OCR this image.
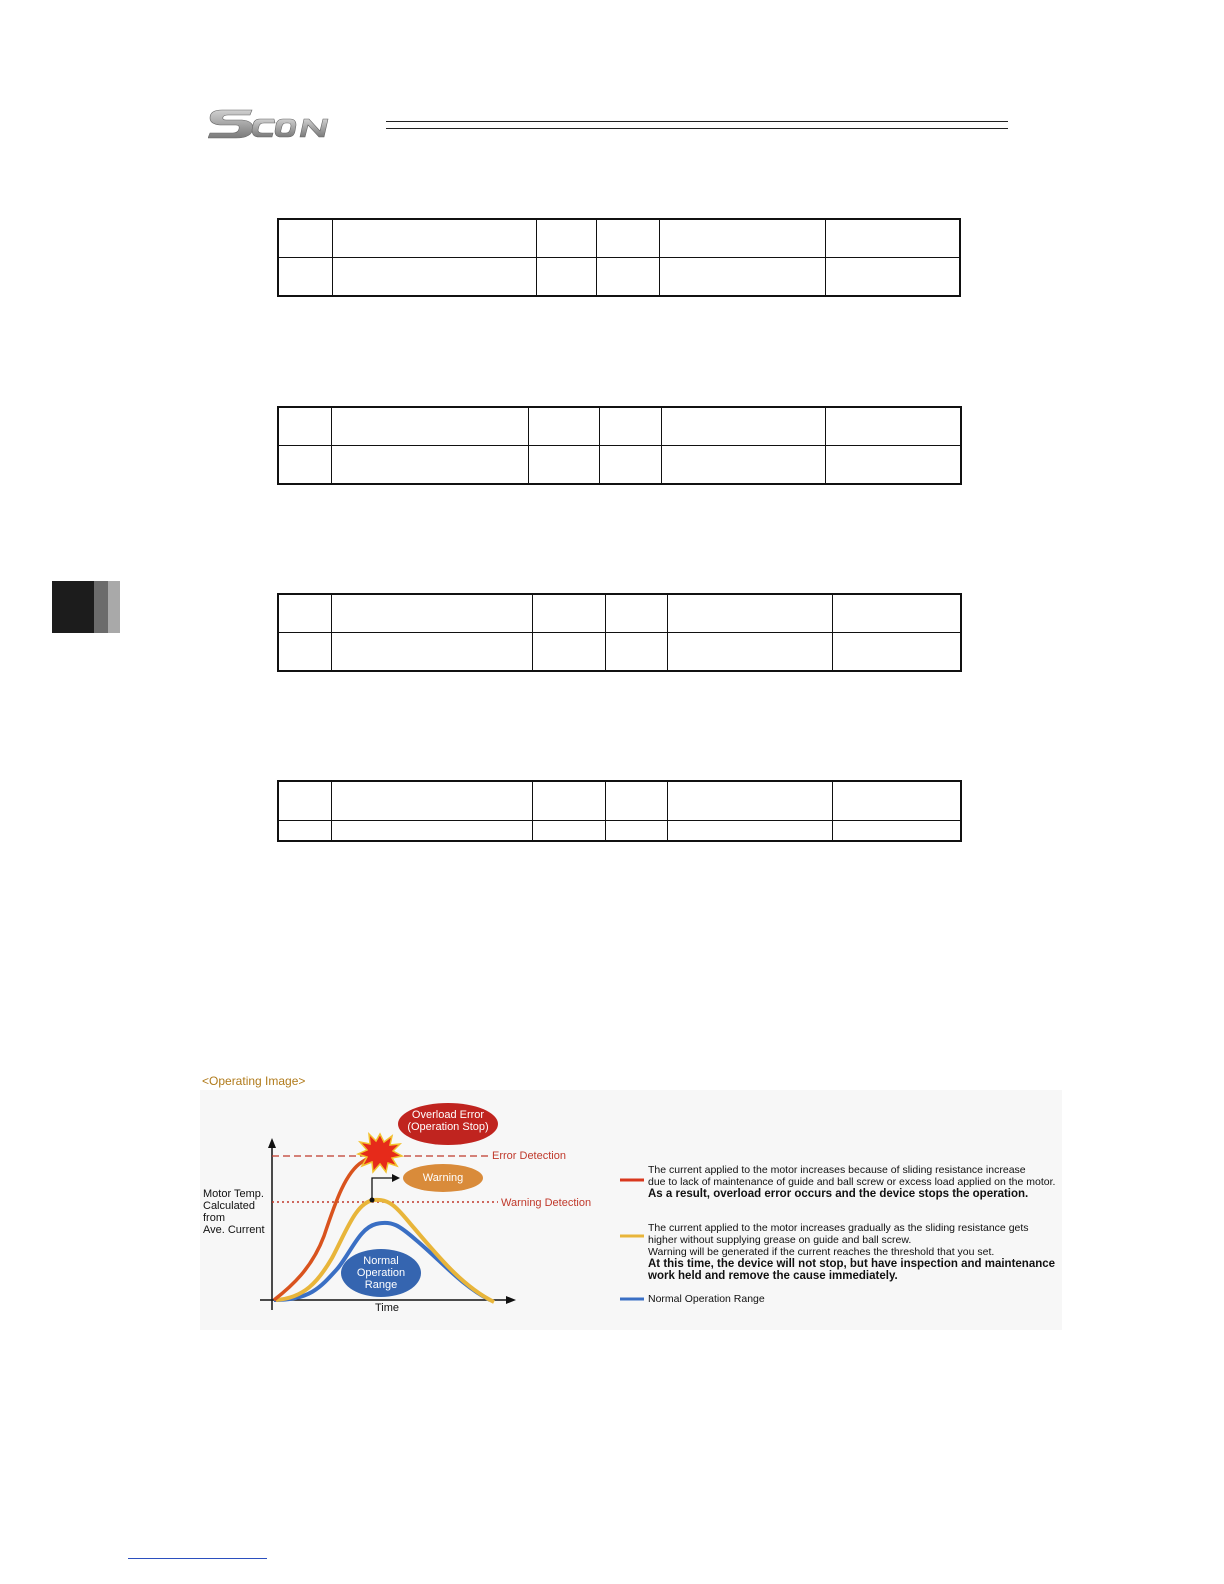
SCON

<Operating Image>
Overload Error
(Operation Stop)
Warning
Normal
Operation
Range
Motor Temp.
Calculated
from
Ave. Current
Time
Error Detection
Warning Detection
The current applied to the motor increases because of sliding resistance increase
due to lack of maintenance of guide and ball screw or excess load applied on the motor.
As a result, overload error occurs and the device stops the operation.
The current applied to the motor increases gradually as the sliding resistance gets
higher without supplying grease on guide and ball screw.
Warning will be generated if the current reaches the threshold that you set.
At this time, the device will not stop, but have inspection and maintenance
work held and remove the cause immediately.
Normal Operation Range
